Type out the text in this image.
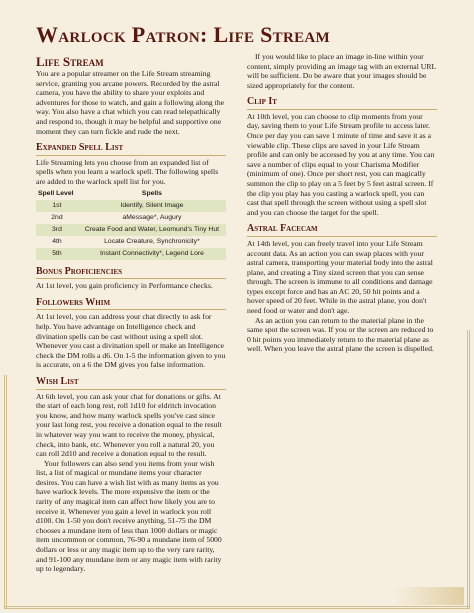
Warlock Patron: Life Stream
Life Stream

You are a popular streamer on the Life Stream streaming service, granting you arcane powers. Recorded by the astral camera, you have the ability to share your exploits and adventures for those to watch, and gain a following along the way. You also have a chat which you can read telepathically and respond to, though it may be helpful and supportive one moment they can turn fickle and rude the next.

Expanded Spell List

Life Streaming lets you choose from an expanded list of spells when you learn a warlock spell. The following spells are added to the warlock spell list for you.

Spell Level	Spells
1st	Identify, Silent Image
2nd	aMessage*, Augury
3rd	Create Food and Water, Leomund’s Tiny Hut
4th	Locate Creature, Synchronicity*
5th	Instant Connectivity*, Legend Lore
Bonus Proficiencies

At 1st level, you gain proficiency in Performance checks.

Followers Whim

At 1st level, you can address your chat directly to ask for help. You have advantage on Intelligence check and divination spells can be cast without using a spell slot. Whenever you cast a divination spell or make an Intelligence check the DM rolls a d6. On 1-5 the information given to you is accurate, on a 6 the DM gives you false information.

Wish List

At 6th level, you can ask your chat for donations or gifts. At the start of each long rest, roll 1d10 for eldritch invocation you know, and how many warlock spells you've cast since your last long rest, you receive a donation equal to the result in whatever way you want to receive the money, physical, check, into bank, etc. Whenever you roll a natural 20, you can roll 2d10 and receive a donation equal to the result.

Your followers can also send you items from your wish list, a list of magical or mundane items your character desires. You can have a wish list with as many items as you have warlock levels. The more expensive the item or the rarity of any magical item can affect how likely you are to receive it. Whenever you gain a level in warlock you roll d100. On 1-50 you don't receive anything, 51-75 the DM chooses a mundane item of less than 1000 dollars or magic item uncommon or common, 76-90 a mundane item of 5000 dollars or less or any magic item up to the very rare rarity, and 91-100 any mundane item or any magic item with rarity up to legendary.

If you would like to place an image in-line within your content, simply providing an image tag with an external URL will be sufficient. Do be aware that your images should be sized appropriately for the content.

Clip It

At 10th level, you can choose to clip moments from your day, saving them to your Life Stream profile to access later. Once per day you can save 1 minute of time and save it as a viewable clip. These clips are saved in your Life Stream profile and can only be accessed by you at any time. You can save a number of clips equal to your Charisma Modifier (minimum of one). Once per short rest, you can magically summon the clip to play on a 5 feet by 5 feet astral screen. If the clip you play has you casting a warlock spell, you can cast that spell through the screen without using a spell slot and you can choose the target for the spell.

Astral Facecam

At 14th level, you can freely travel into your Life Stream account data. As an action you can swap places with your astral camera, transporting your material body into the astral plane, and creating a Tiny sized screen that you can sense through. The screen is immune to all conditions and damage types except force and has an AC 20, 50 hit points and a hover speed of 20 feet. While in the astral plane, you don't need food or water and don't age.

As an action you can return to the material plane in the same spot the screen was. If you or the screen are reduced to 0 hit points you immediately return to the material plane as well. When you leave the astral plane the screen is dispelled.
